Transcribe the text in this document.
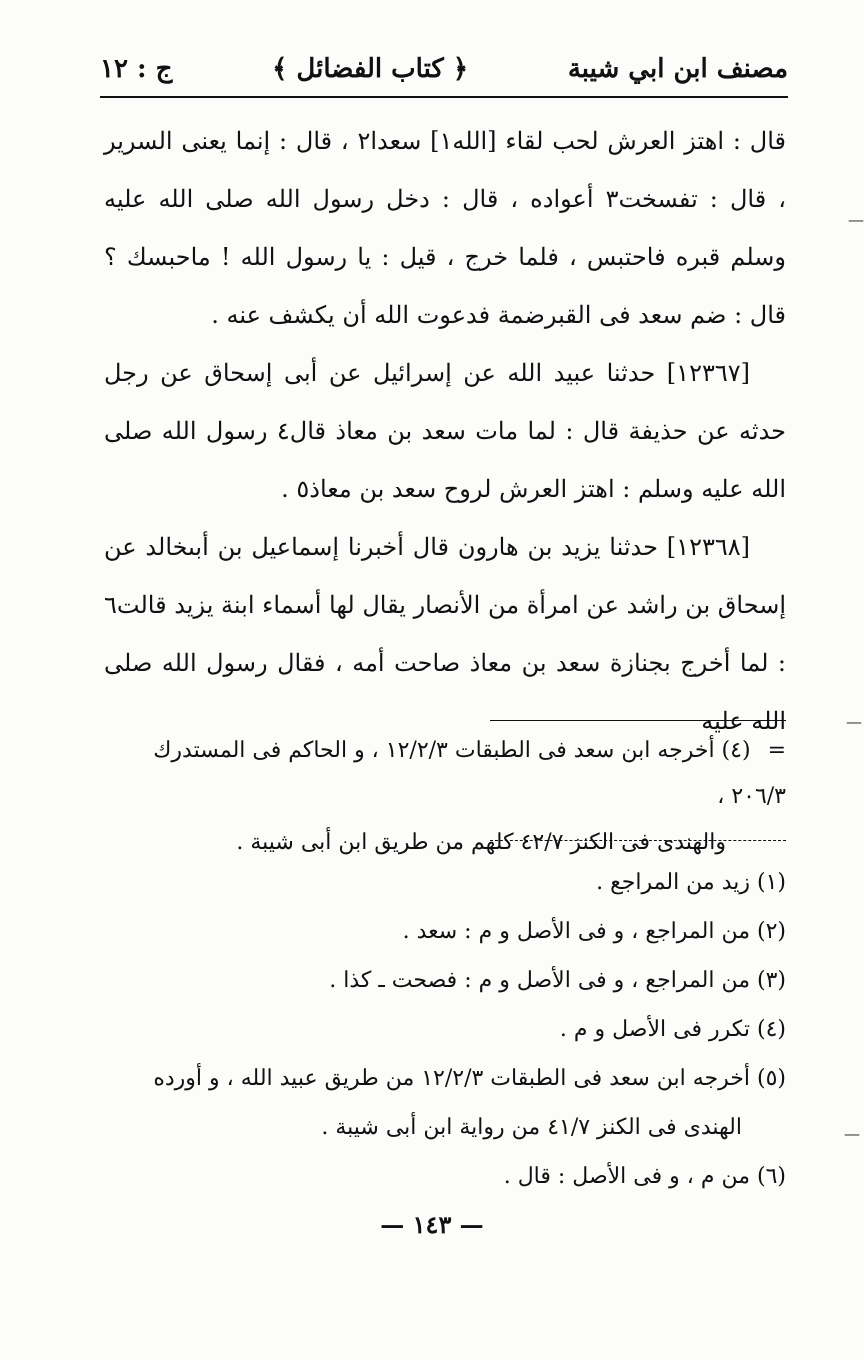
مصنف ابن ابي شيبة
﴿ كتاب الفضائل ﴾
ج : ١٢

قال : اهتز العرش لحب لقاء [الله١] سعدا٢ ، قال : إنما يعنى السرير ، قال : تفسخت٣ أعواده ، قال : دخل رسول الله صلى الله عليه وسلم قبره فاحتبس ، فلما خرج ، قيل : يا رسول الله ! ماحبسك ؟ قال : ضم سعد فى القبرضمة فدعوت الله أن يكشف عنه .

[١٢٣٦٧] حدثنا عبيد الله عن إسرائيل عن أبى إسحاق عن رجل حدثه عن حذيفة قال : لما مات سعد بن معاذ قال٤ رسول الله صلى الله عليه وسلم : اهتز العرش لروح سعد بن معاذ٥ .

[١٢٣٦٨] حدثنا يزيد بن هارون قال أخبرنا إسماعيل بن أبىخالد عن إسحاق بن راشد عن امرأة من الأنصار يقال لها أسماء ابنة يزيد قالت٦ : لما أخرج بجنازة سعد بن معاذ صاحت أمه ، فقال رسول الله صلى الله عليه

= (٤) أخرجه ابن سعد فى الطبقات ١٢/٢/٣ ، و الحاكم فى المستدرك ٢٠٦/٣ ،
والهندى فى الكنز ٤٢/٧ كلهم من طريق ابن أبى شيبة .

(١) زيد من المراجع .

(٢) من المراجع ، و فى الأصل و م : سعد .

(٣) من المراجع ، و فى الأصل و م : فصحت ـ كذا .

(٤) تكرر فى الأصل و م .

(٥) أخرجه ابن سعد فى الطبقات ١٢/٢/٣ من طريق عبيد الله ، و أورده الهندى فى الكنز ٤١/٧ من رواية ابن أبى شيبة .

(٦) من م ، و فى الأصل : قال .

— ١٤٣ —
—
—
—
